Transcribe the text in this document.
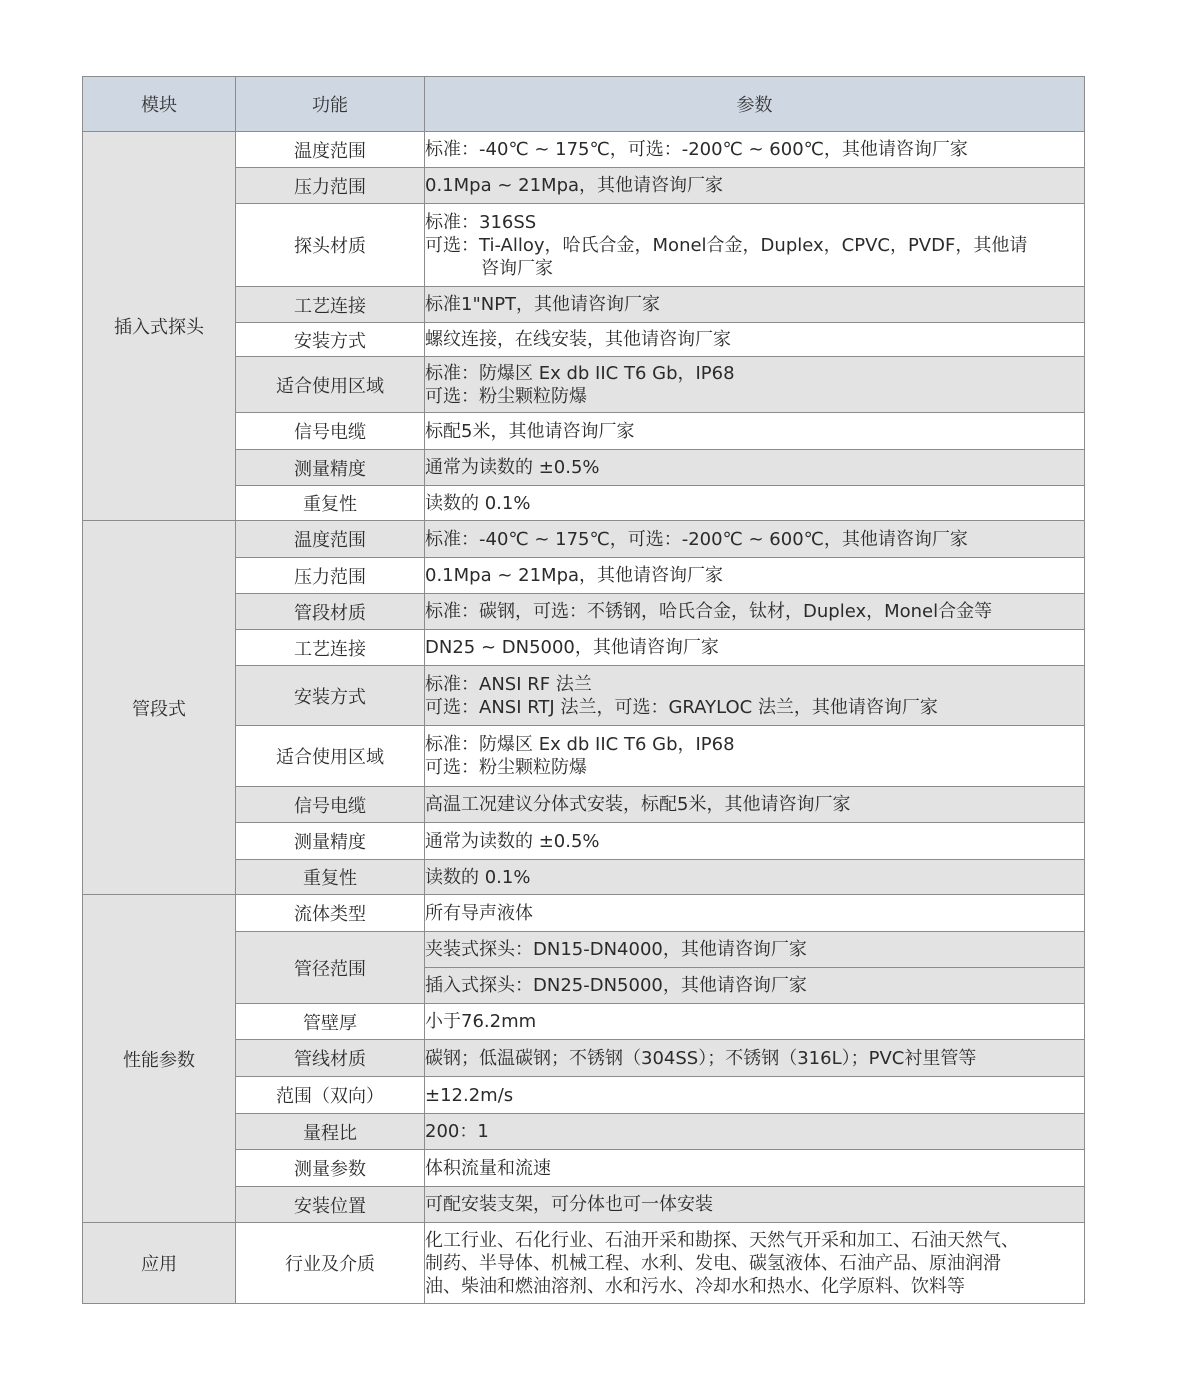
模块	功能	参数
插入式探头	温度范围	标准：-40℃ ~ 175℃，可选：-200℃ ~ 600℃，其他请咨询厂家

	压力范围	0.1Mpa ~ 21Mpa，其他请咨询厂家

	探头材质	标准：316SS
可选：Ti-Alloy，哈氏合金，Monel合金，Duplex，CPVC，PVDF，其他请
咨询厂家

	工艺连接	标准1"NPT，其他请咨询厂家

	安装方式	螺纹连接，在线安装，其他请咨询厂家

	适合使用区域	标准：防爆区 Ex db IIC T6 Gb，IP68
可选：粉尘颗粒防爆

	信号电缆	标配5米，其他请咨询厂家

	测量精度	通常为读数的 ±0.5%

	重复性	读数的 0.1%

管段式	温度范围	标准：-40℃ ~ 175℃，可选：-200℃ ~ 600℃，其他请咨询厂家

	压力范围	0.1Mpa ~ 21Mpa，其他请咨询厂家

	管段材质	标准：碳钢，可选：不锈钢，哈氏合金，钛材，Duplex，Monel合金等

	工艺连接	DN25 ~ DN5000，其他请咨询厂家

	安装方式	标准：ANSI RF 法兰
可选：ANSI RTJ 法兰，可选：GRAYLOC 法兰，其他请咨询厂家

	适合使用区域	标准：防爆区 Ex db IIC T6 Gb，IP68
可选：粉尘颗粒防爆

	信号电缆	高温工况建议分体式安装，标配5米，其他请咨询厂家

	测量精度	通常为读数的 ±0.5%

	重复性	读数的 0.1%

性能参数	流体类型	所有导声液体

	管径范围	夹装式探头：DN15-DN4000，其他请咨询厂家

		插入式探头：DN25-DN5000，其他请咨询厂家

	管壁厚	小于76.2mm

	管线材质	碳钢；低温碳钢；不锈钢（304SS）；不锈钢（316L）；PVC衬里管等

	范围（双向）	±12.2m/s

	量程比	200：1

	测量参数	体积流量和流速

	安装位置	可配安装支架，可分体也可一体安装

应用	行业及介质	化工行业、石化行业、石油开采和勘探、天然气开采和加工、石油天然气、
制药、半导体、机械工程、水利、发电、碳氢液体、石油产品、原油润滑
油、柴油和燃油溶剂、水和污水、冷却水和热水、化学原料、饮料等
